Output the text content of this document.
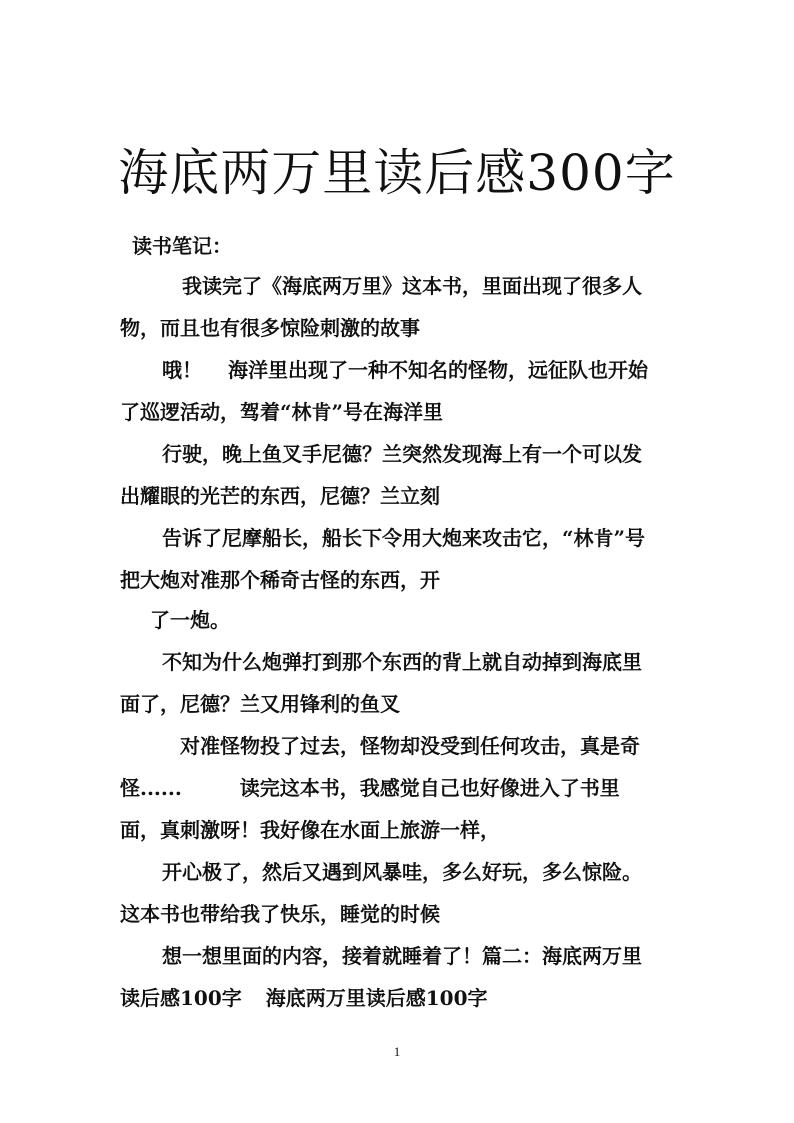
海底两万里读后感300字
读书笔记：
我读完了《海底两万里》这本书，里面出现了很多人
物，而且也有很多惊险刺激的故事
哦！ 海洋里出现了一种不知名的怪物，远征队也开始
了巡逻活动，驾着“林肯”号在海洋里
行驶，晚上鱼叉手尼德？兰突然发现海上有一个可以发
出耀眼的光芒的东西，尼德？兰立刻
告诉了尼摩船长，船长下令用大炮来攻击它，“林肯”号
把大炮对准那个稀奇古怪的东西，开
了一炮。
不知为什么炮弹打到那个东西的背上就自动掉到海底里
面了，尼德？兰又用锋利的鱼叉
对准怪物投了过去，怪物却没受到任何攻击，真是奇
怪......	读完这本书，我感觉自己也好像进入了书里
面，真刺激呀！我好像在水面上旅游一样，
开心极了，然后又遇到风暴哇，多么好玩，多么惊险。
这本书也带给我了快乐，睡觉的时候
想一想里面的内容，接着就睡着了！篇二：海底两万里
读后感100字 海底两万里读后感100字
1
